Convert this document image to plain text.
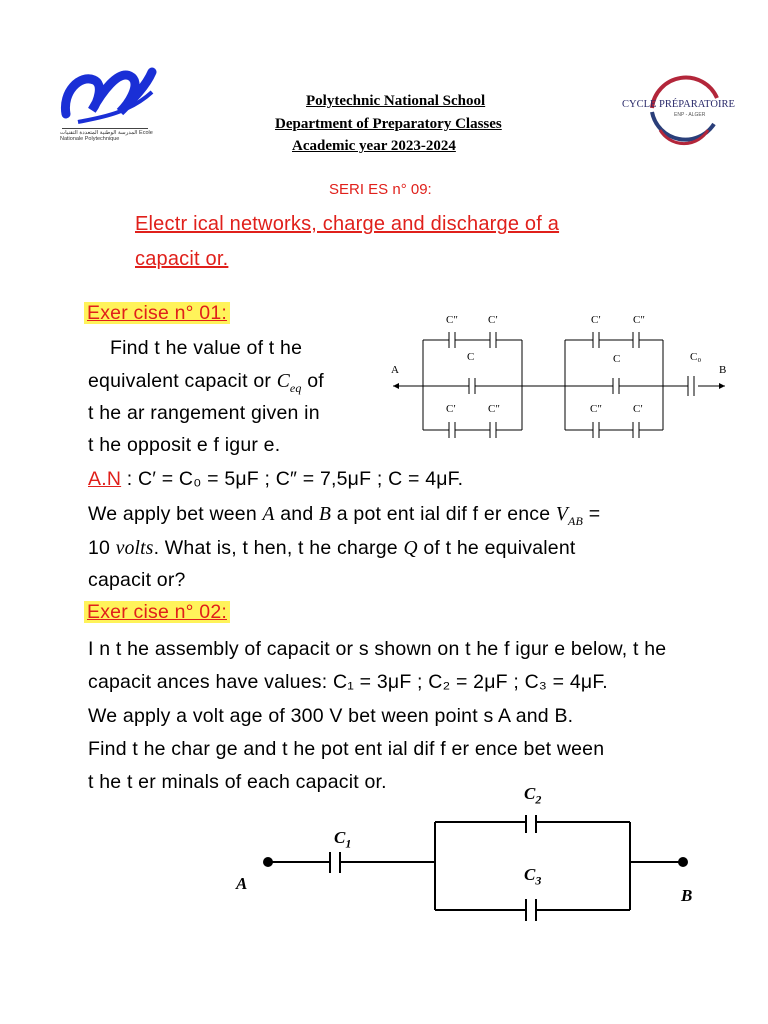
المدرسة الوطنية المتعددة التقنيات Ecole Nationale Polytechnique
Polytechnic National School
Department of Preparatory Classes
Academic year 2023-2024
CYCLE PRÉPARATOIRE
ENP - ALGER
SERI ES n° 09:
Electr ical networks, charge and discharge of a
capacit or.
Exer cise n° 01:
Find t he value of t he
equivalent capacit or $C_{eq}$ of
t he ar rangement given in
t he opposit e f igur e.
A.N : C′ = C₀ = 5μF ; C″ = 7,5μF ; C = 4μF.
We apply bet ween A and B a pot ent ial dif f er ence $V_{AB}$ =
10 volts. What is, t hen, t he charge Q of t he equivalent
capacit or?
A	B
C″	C′
C
C′	C″
C′	C″
C
C″	C′
C₀
Exer cise n° 02:
I n t he assembly of capacit or s shown on t he f igur e below, t he
capacit ances have values: C₁ = 3μF ; C₂ = 2μF ; C₃ = 4μF.
We apply a volt age of 300 V bet ween point s A and B.
Find t he char ge and t he pot ent ial dif f er ence bet ween
t he t er minals of each capacit or.
A
B
$C_1$
$C_2$
$C_3$
